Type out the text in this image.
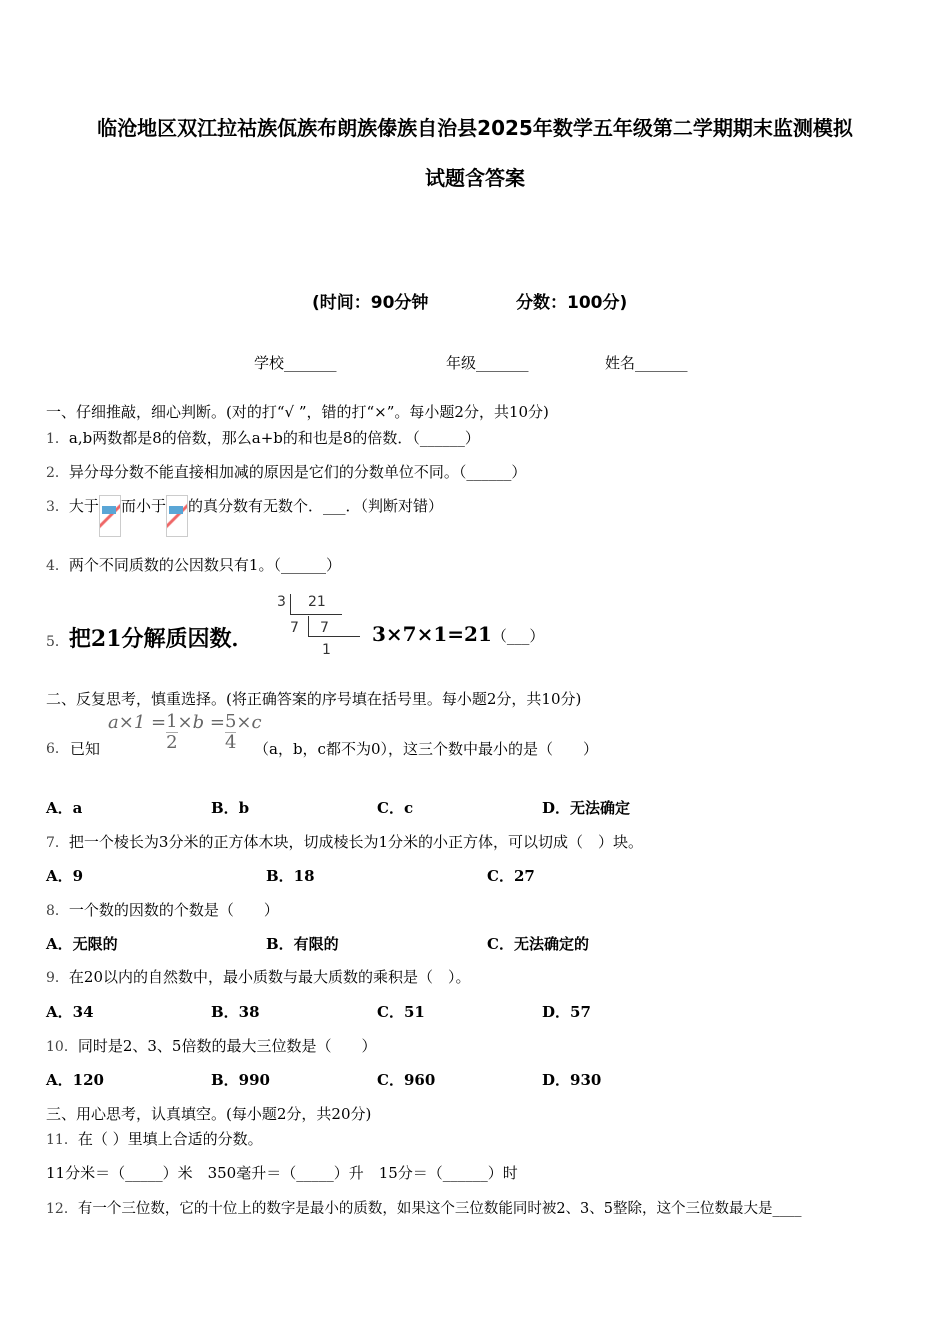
临沧地区双江拉祜族佤族布朗族傣族自治县2025年数学五年级第二学期期末监测模拟
试题含答案
(时间：90分钟	分数：100分)
学校_______	年级_______	姓名_______
一、仔细推敲，细心判断。(对的打“√ ”，错的打“×”。每小题2分，共10分)
1．a,b两数都是8的倍数，那么a+b的和也是8的倍数．（______）
2．异分母分数不能直接相加减的原因是它们的分数单位不同。（______）
3．大于 而小于 的真分数有无数个．___．（判断对错）
4．两个不同质数的公因数只有1。（______）
5．把21分解质因数．
3 21
7 7
1
3×7×1=21（___）
二、反复思考，慎重选择。(将正确答案的序号填在括号里。每小题2分，共10分)
6． 已知
$a\times 1 = \frac{1}{2} \times b = \frac{5}{4} \times c$
（a，b，c都不为0），这三个数中最小的是（　　）
A．a	B．b	C．c	D．无法确定
7．把一个棱长为3分米的正方体木块，切成棱长为1分米的小正方体，可以切成（　）块。
A．9	B．18	C．27
8．一个数的因数的个数是（　　）
A．无限的	B．有限的	C．无法确定的
9．在20以内的自然数中，最小质数与最大质数的乘积是（　）。
A．34	B．38	C．51	D．57
10．同时是2、3、5倍数的最大三位数是（　　）
A．120	B．990	C．960	D．930
三、用心思考，认真填空。(每小题2分，共20分)
11．在（ ）里填上合适的分数。
11分米＝（_____）米　350毫升＝（_____）升　15分＝（______）时
12．有一个三位数，它的十位上的数字是最小的质数，如果这个三位数能同时被2、3、5整除，这个三位数最大是____
